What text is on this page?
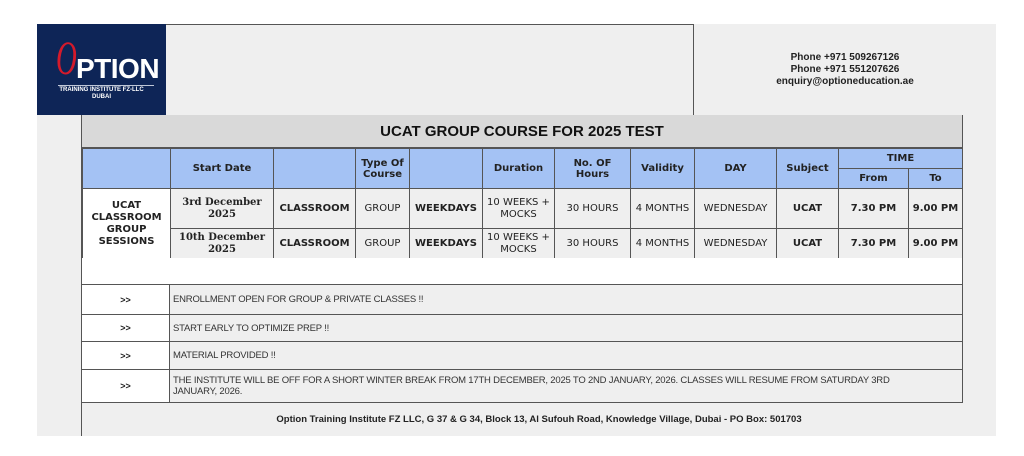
O PTION
TRAINING INSTITUTE FZ-LLC
DUBAI
Phone +971 509267126
Phone +971 551207626
enquiry@optioneducation.ae
UCAT GROUP COURSE FOR 2025 TEST
	Start Date		Type Of Course		Duration	No. OF Hours	Validity	DAY	Subject	TIME	
										From	To
UCAT CLASSROOM GROUP SESSIONS	3rd December 2025	CLASSROOM	GROUP	WEEKDAYS	10 WEEKS + MOCKS	30 HOURS	4 MONTHS	WEDNESDAY	UCAT	7.30 PM	9.00 PM
	10th December 2025	CLASSROOM	GROUP	WEEKDAYS	10 WEEKS + MOCKS	30 HOURS	4 MONTHS	WEDNESDAY	UCAT	7.30 PM	9.00 PM
>>	ENROLLMENT OPEN FOR GROUP & PRIVATE CLASSES !!
>>	START EARLY TO OPTIMIZE PREP !!
>>	MATERIAL PROVIDED !!
>>	THE INSTITUTE WILL BE OFF FOR A SHORT WINTER BREAK FROM 17TH DECEMBER, 2025 TO 2ND JANUARY, 2026. CLASSES WILL RESUME FROM SATURDAY 3RD JANUARY, 2026.
Option Training Institute FZ LLC, G 37 & G 34, Block 13, Al Sufouh Road, Knowledge Village, Dubai - PO Box: 501703
